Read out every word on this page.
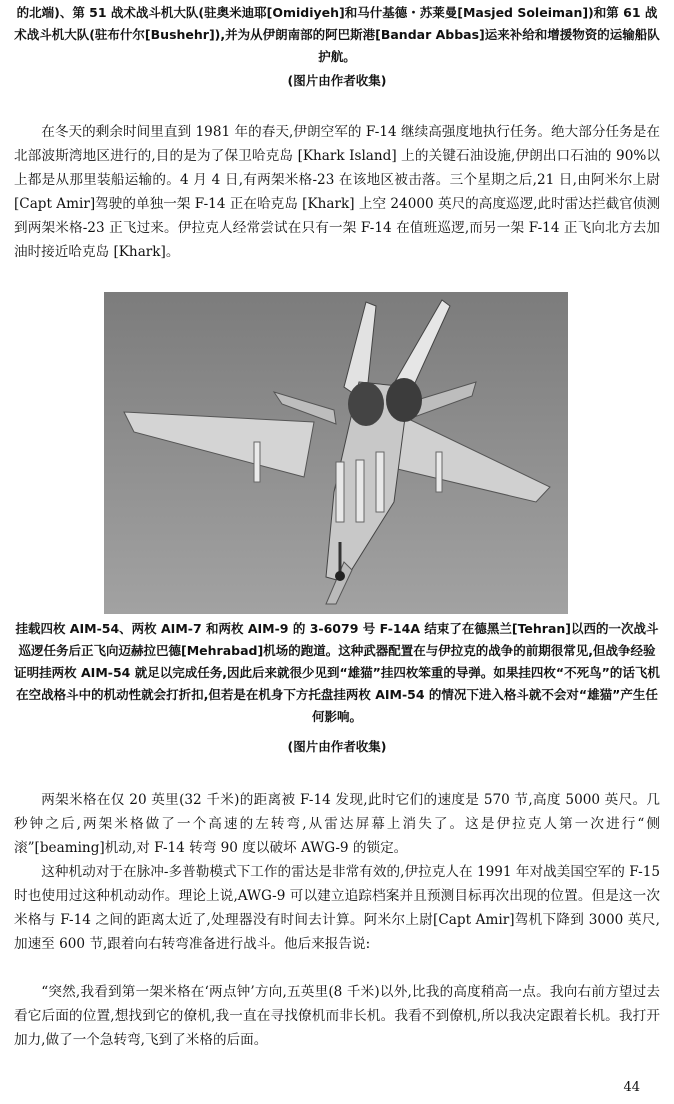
的北端)、第 51 战术战斗机大队(驻奥米迪耶[Omidiyeh]和马什基德・苏莱曼[Masjed Soleiman])和第 61 战术战斗机大队(驻布什尔[Bushehr]),并为从伊朗南部的阿巴斯港[Bandar Abbas]运来补给和增援物资的运输船队护航。

(图片由作者收集)

在冬天的剩余时间里直到 1981 年的春天,伊朗空军的 F-14 继续高强度地执行任务。绝大部分任务是在北部波斯湾地区进行的,目的是为了保卫哈克岛 [Khark Island] 上的关键石油设施,伊朗出口石油的 90%以上都是从那里装船运输的。4 月 4 日,有两架米格-23 在该地区被击落。三个星期之后,21 日,由阿米尔上尉[Capt Amir]驾驶的单独一架 F-14 正在哈克岛 [Khark] 上空 24000 英尺的高度巡逻,此时雷达拦截官侦测到两架米格-23 正飞过来。伊拉克人经常尝试在只有一架 F-14 在值班巡逻,而另一架 F-14 正飞向北方去加油时接近哈克岛 [Khark]。

挂载四枚 AIM-54、两枚 AIM-7 和两枚 AIM-9 的 3-6079 号 F-14A 结束了在德黑兰[Tehran]以西的一次战斗巡逻任务后正飞向迈赫拉巴德[Mehrabad]机场的跑道。这种武器配置在与伊拉克的战争的前期很常见,但战争经验证明挂两枚 AIM-54 就足以完成任务,因此后来就很少见到“雄猫”挂四枚笨重的导弹。如果挂四枚“不死鸟”的话飞机在空战格斗中的机动性就会打折扣,但若是在机身下方托盘挂两枚 AIM-54 的情况下进入格斗就不会对“雄猫”产生任何影响。

(图片由作者收集)

两架米格在仅 20 英里(32 千米)的距离被 F-14 发现,此时它们的速度是 570 节,高度 5000 英尺。几秒钟之后,两架米格做了一个高速的左转弯,从雷达屏幕上消失了。这是伊拉克人第一次进行“侧滚”[beaming]机动,对 F-14 转弯 90 度以破坏 AWG-9 的锁定。

这种机动对于在脉冲-多普勒模式下工作的雷达是非常有效的,伊拉克人在 1991 年对战美国空军的 F-15 时也使用过这种机动动作。理论上说,AWG-9 可以建立追踪档案并且预测目标再次出现的位置。但是这一次米格与 F-14 之间的距离太近了,处理器没有时间去计算。阿米尔上尉[Capt Amir]驾机下降到 3000 英尺,加速至 600 节,跟着向右转弯准备进行战斗。他后来报告说:

“突然,我看到第一架米格在‘两点钟’方向,五英里(8 千米)以外,比我的高度稍高一点。我向右前方望过去看它后面的位置,想找到它的僚机,我一直在寻找僚机而非长机。我看不到僚机,所以我决定跟着长机。我打开加力,做了一个急转弯,飞到了米格的后面。

44
